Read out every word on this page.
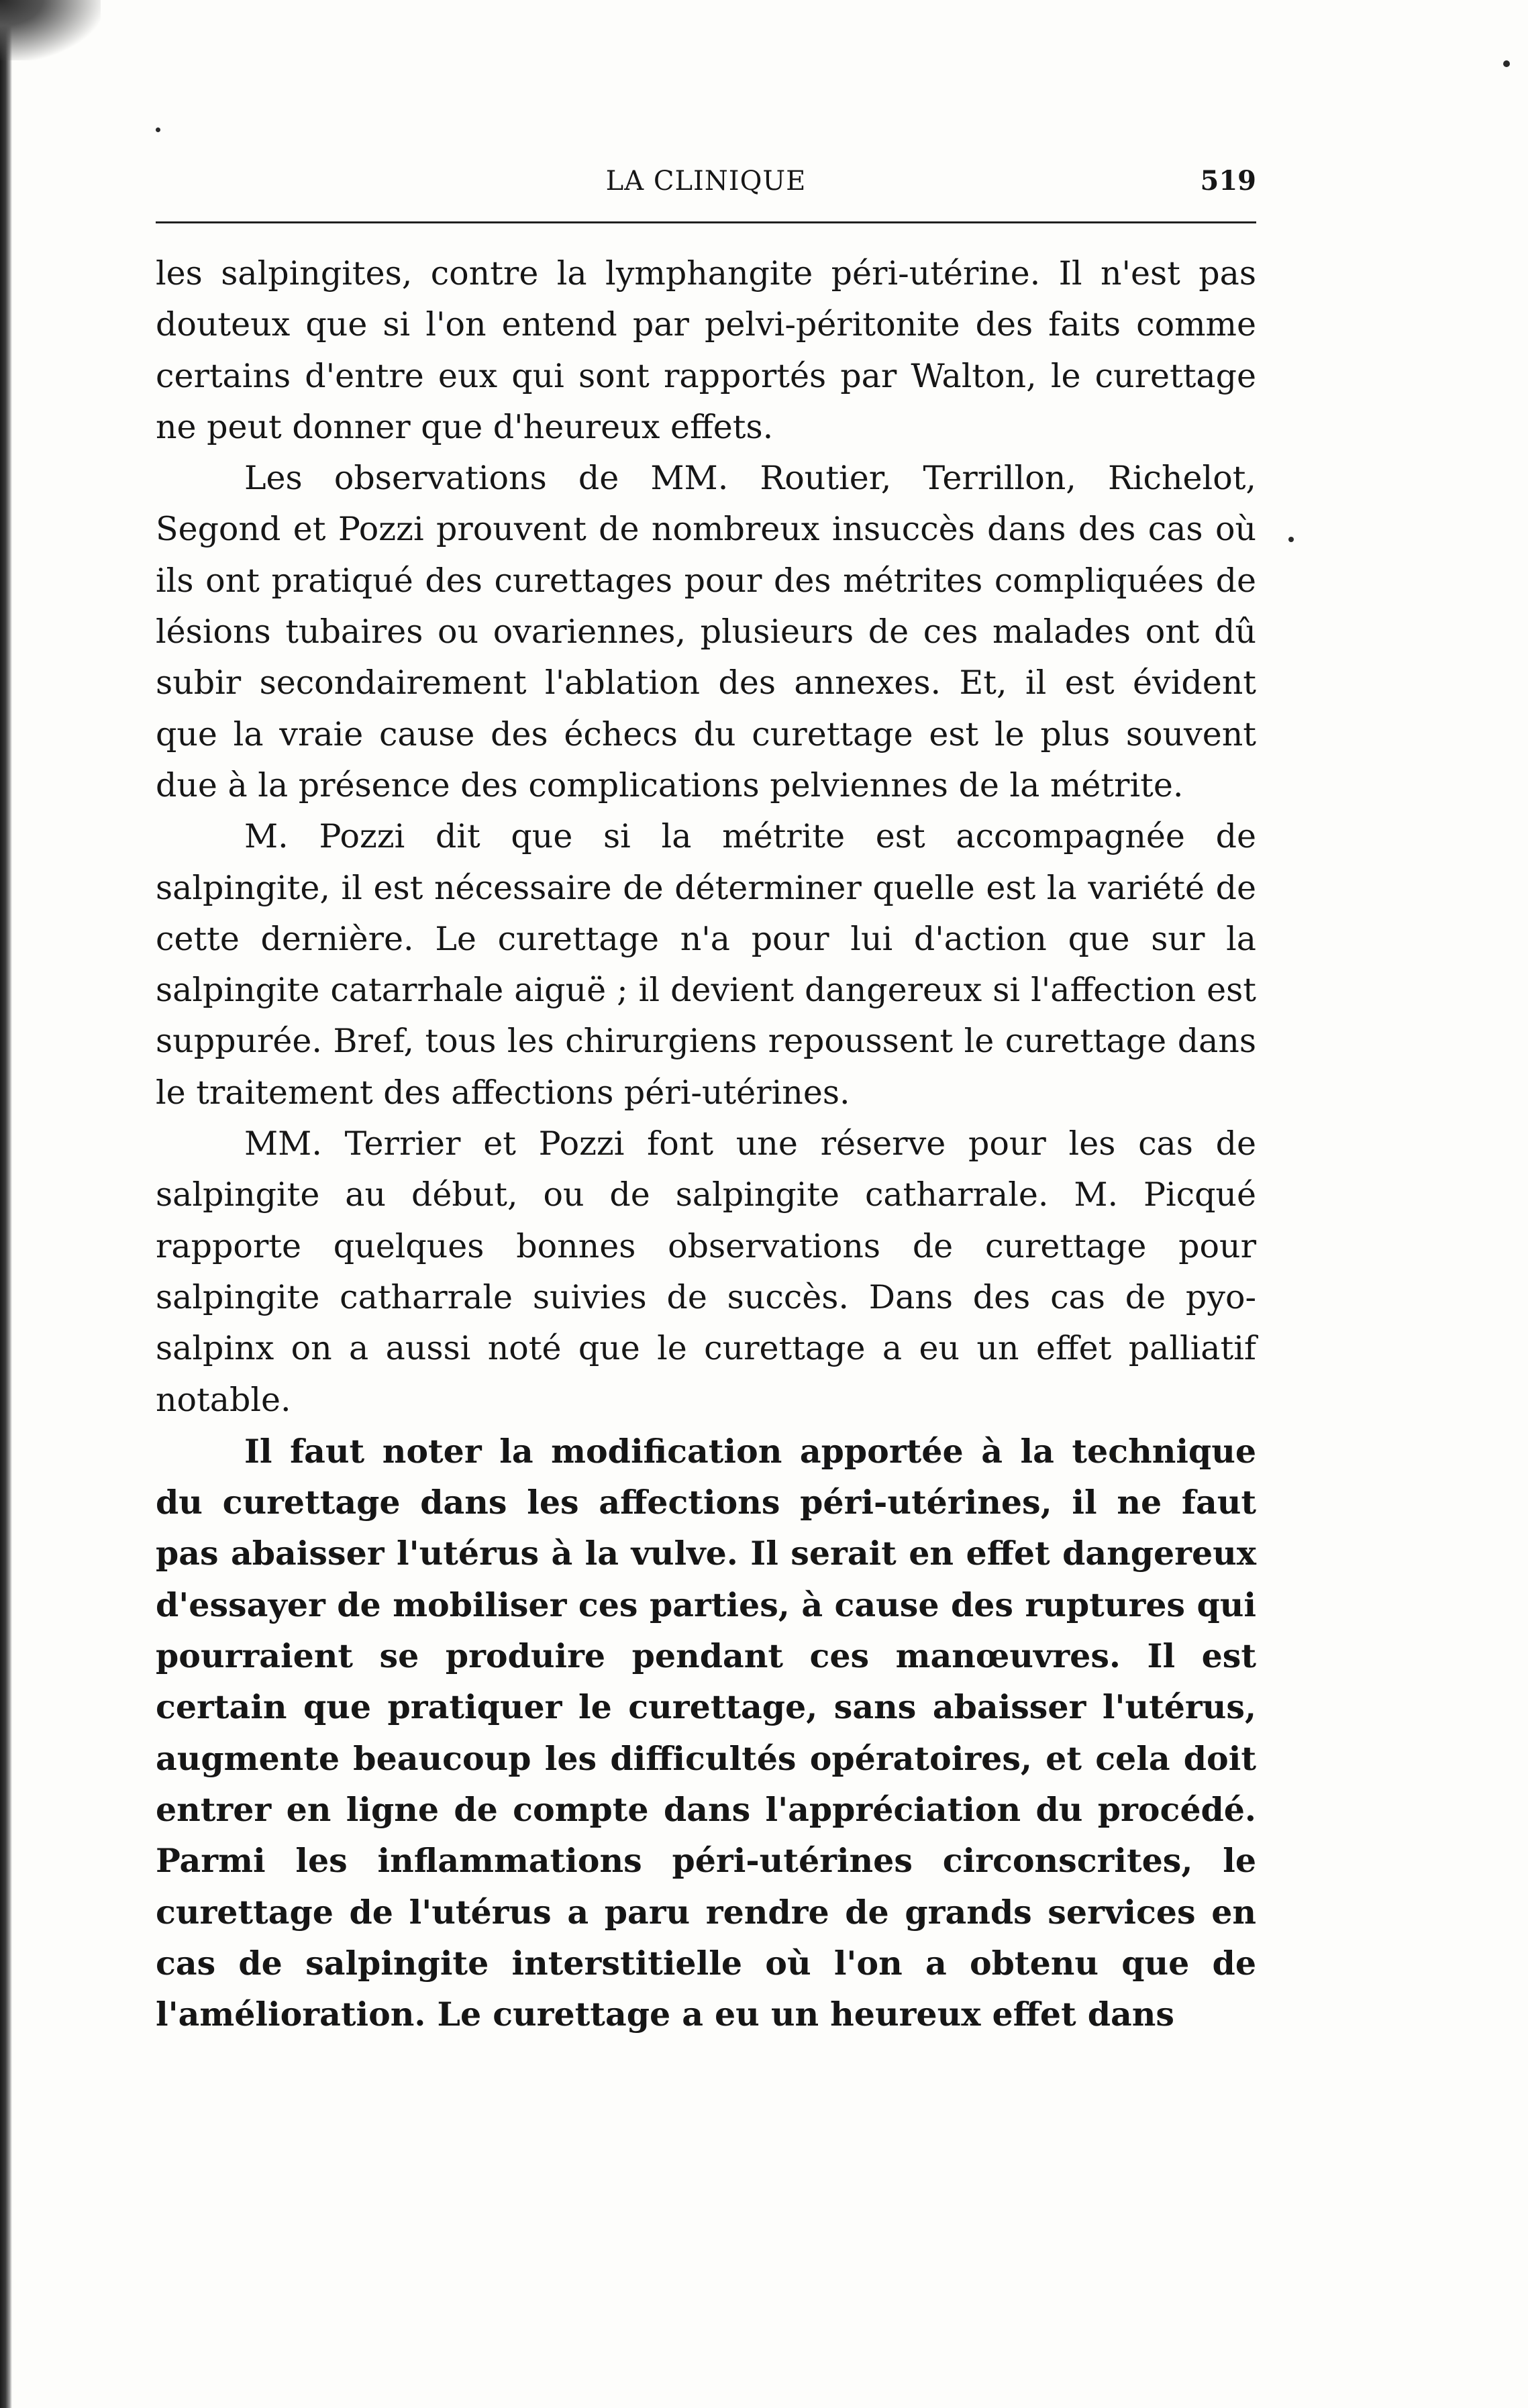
LA CLINIQUE	519

les salpingites, contre la lymphangite péri-utérine. Il n'est pas douteux que si l'on entend par pelvi-péritonite des faits comme certains d'entre eux qui sont rapportés par Walton, le curettage ne peut donner que d'heureux effets.

Les observations de MM. Routier, Terrillon, Richelot, Segond et Pozzi prouvent de nombreux insuccès dans des cas où ils ont pratiqué des curettages pour des métrites compliquées de lésions tubaires ou ovariennes, plusieurs de ces malades ont dû subir secondairement l'ablation des annexes. Et, il est évident que la vraie cause des échecs du curettage est le plus souvent due à la présence des complications pelviennes de la métrite.

M. Pozzi dit que si la métrite est accompagnée de salpingite, il est nécessaire de déterminer quelle est la variété de cette dernière. Le curettage n'a pour lui d'action que sur la salpingite catarrhale aiguë ; il devient dangereux si l'affection est suppurée. Bref, tous les chirurgiens repoussent le curettage dans le traitement des affections péri-utérines.

MM. Terrier et Pozzi font une réserve pour les cas de salpingite au début, ou de salpingite catharrale. M. Picqué rapporte quelques bonnes observations de curettage pour salpingite catharrale suivies de succès. Dans des cas de pyo-salpinx on a aussi noté que le curettage a eu un effet palliatif notable.

Il faut noter la modification apportée à la technique du curettage dans les affections péri-utérines, il ne faut pas abaisser l'utérus à la vulve. Il serait en effet dangereux d'essayer de mobiliser ces parties, à cause des ruptures qui pourraient se produire pendant ces manœuvres. Il est certain que pratiquer le curettage, sans abaisser l'utérus, augmente beaucoup les difficultés opératoires, et cela doit entrer en ligne de compte dans l'appréciation du procédé. Parmi les inflammations péri-utérines circonscrites, le curettage de l'utérus a paru rendre de grands services en cas de salpingite interstitielle où l'on a obtenu que de l'amélioration. Le curettage a eu un heureux effet dans
